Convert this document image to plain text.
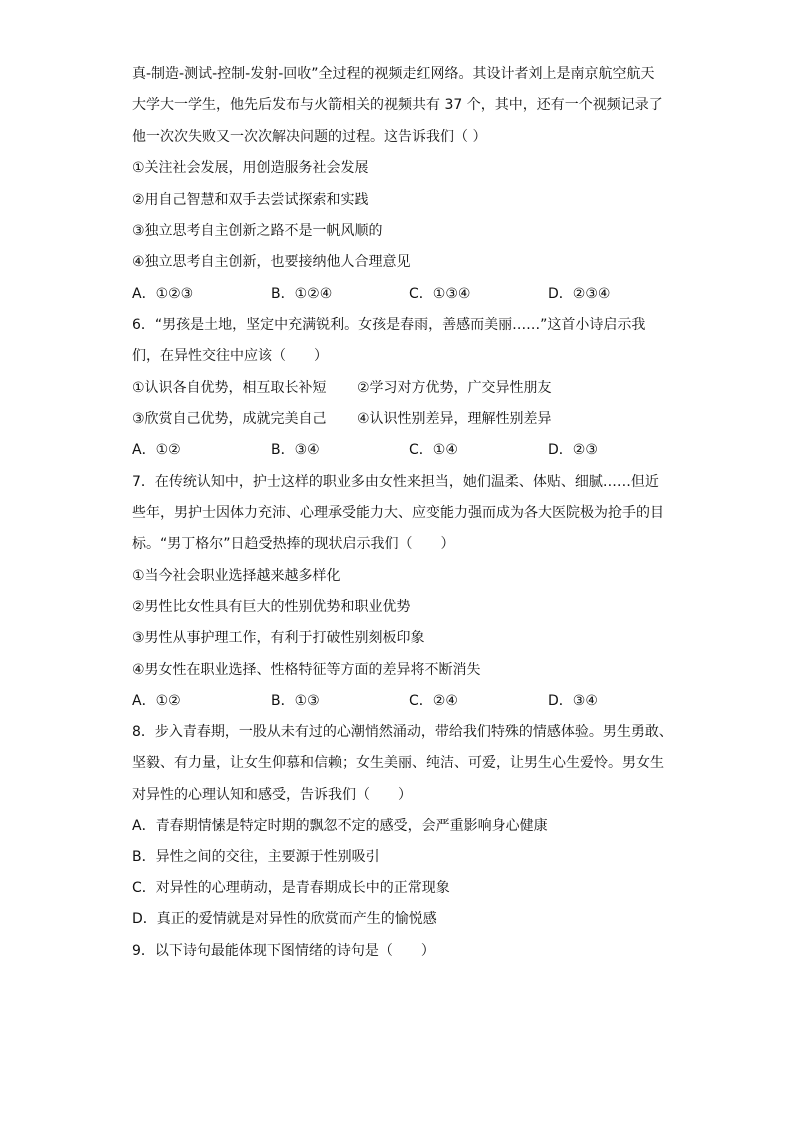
真-制造-测试-控制-发射-回收”全过程的视频走红网络。其设计者刘上是南京航空航天
大学大一学生，他先后发布与火箭相关的视频共有 37 个，其中，还有一个视频记录了
他一次次失败又一次次解决问题的过程。这告诉我们（ ）
①关注社会发展，用创造服务社会发展
②用自己智慧和双手去尝试探索和实践
③独立思考自主创新之路不是一帆风顺的
④独立思考自主创新，也要接纳他人合理意见
A．①②③	B．①②④	C．①③④	D．②③④
6．“男孩是土地，坚定中充满锐利。女孩是春雨，善感而美丽……”这首小诗启示我
们，在异性交往中应该（　　）
①认识各自优势，相互取长补短 ②学习对方优势，广交异性朋友
③欣赏自己优势，成就完美自己 ④认识性别差异，理解性别差异
A．①②	B．③④	C．①④	D．②③
7．在传统认知中，护士这样的职业多由女性来担当，她们温柔、体贴、细腻……但近
些年，男护士因体力充沛、心理承受能力大、应变能力强而成为各大医院极为抢手的目
标。“男丁格尔”日趋受热捧的现状启示我们（　　）
①当今社会职业选择越来越多样化
②男性比女性具有巨大的性别优势和职业优势
③男性从事护理工作，有利于打破性别刻板印象
④男女性在职业选择、性格特征等方面的差异将不断消失
A．①②	B．①③	C．②④	D．③④
8．步入青春期，一股从未有过的心潮悄然涌动，带给我们特殊的情感体验。男生勇敢、
坚毅、有力量，让女生仰慕和信赖；女生美丽、纯洁、可爱，让男生心生爱怜。男女生
对异性的心理认知和感受，告诉我们（　　）
A．青春期情愫是特定时期的飘忽不定的感受，会严重影响身心健康
B．异性之间的交往，主要源于性别吸引
C．对异性的心理萌动，是青春期成长中的正常现象
D．真正的爱情就是对异性的欣赏而产生的愉悦感
9．以下诗句最能体现下图情绪的诗句是（　　）
